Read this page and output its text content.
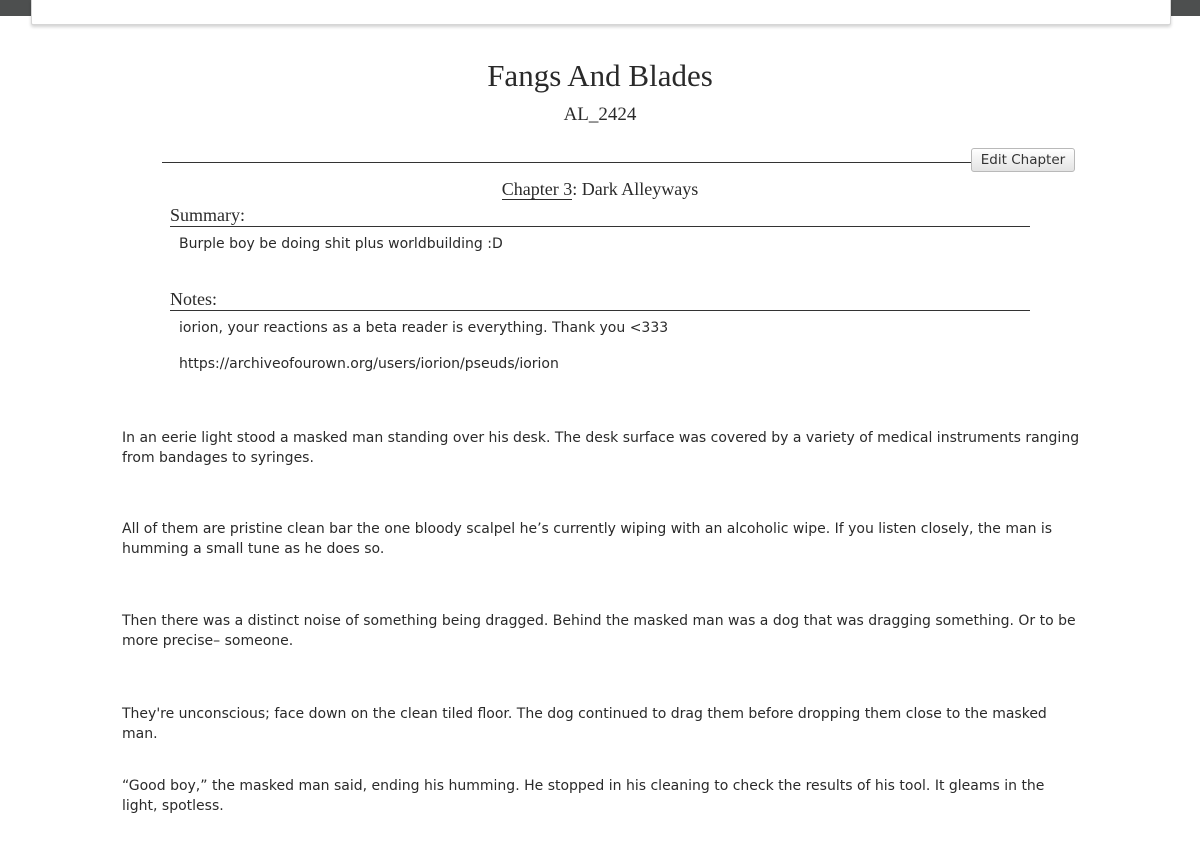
Fangs And Blades
AL_2424
Edit Chapter
Chapter 3: Dark Alleyways
Summary:

Burple boy be doing shit plus worldbuilding :D

Notes:

iorion, your reactions as a beta reader is everything. Thank you <333

https://archiveofourown.org/users/iorion/pseuds/iorion

In an eerie light stood a masked man standing over his desk. The desk surface was covered by a variety of medical instruments ranging from bandages to syringes.

All of them are pristine clean bar the one bloody scalpel he’s currently wiping with an alcoholic wipe. If you listen closely, the man is humming a small tune as he does so.

Then there was a distinct noise of something being dragged. Behind the masked man was a dog that was dragging something. Or to be more precise– someone.

They're unconscious; face down on the clean tiled floor. The dog continued to drag them before dropping them close to the masked man.

“Good boy,” the masked man said, ending his humming. He stopped in his cleaning to check the results of his tool. It gleams in the light, spotless.
